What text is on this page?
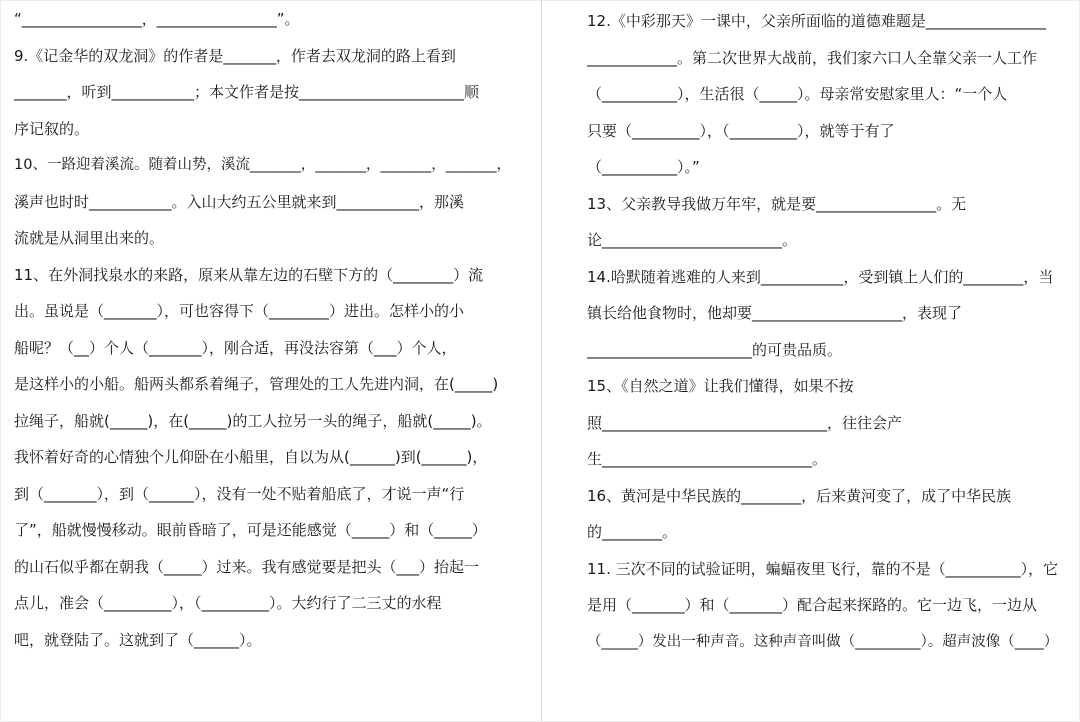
“________________，________________”。
9.《记金华的双龙洞》的作者是_______，作者去双龙洞的路上看到
_______，听到___________；本文作者是按______________________顺
序记叙的。
10、一路迎着溪流。随着山势，溪流_______，_______，_______，_______，
溪声也时时___________。入山大约五公里就来到___________，那溪
流就是从洞里出来的。
11、在外洞找泉水的来路，原来从靠左边的石壁下方的（________）流
出。虽说是（_______），可也容得下（________）进出。怎样小的小
船呢？（__）个人（_______），刚合适，再没法容第（___）个人，
是这样小的小船。船两头都系着绳子，管理处的工人先进内洞，在(_____)
拉绳子，船就(_____)，在(_____)的工人拉另一头的绳子，船就(_____)。
我怀着好奇的心情独个儿仰卧在小船里，自以为从(______)到(______)，
到（_______），到（______），没有一处不贴着船底了，才说一声“行
了”，船就慢慢移动。眼前昏暗了，可是还能感觉（_____）和（_____）
的山石似乎都在朝我（_____）过来。我有感觉要是把头（___）抬起一
点儿，准会（_________），（_________）。大约行了二三丈的水程
吧，就登陆了。这就到了（______）。
12.《中彩那天》一课中，父亲所面临的道德难题是________________
____________。第二次世界大战前，我们家六口人全靠父亲一人工作
（__________），生活很（_____）。母亲常安慰家里人：“一个人
只要（_________），（_________），就等于有了
（__________）。”
13、父亲教导我做万年牢，就是要________________。无
论________________________。
14.哈默随着逃难的人来到___________，受到镇上人们的________，当
镇长给他食物时，他却要____________________，表现了
______________________的可贵品质。
15、《自然之道》让我们懂得，如果不按
照______________________________，往往会产
生____________________________。
16、黄河是中华民族的________，后来黄河变了，成了中华民族
的________。
11. 三次不同的试验证明，蝙蝠夜里飞行，靠的不是（__________），它
是用（_______）和（_______）配合起来探路的。它一边飞，一边从
（_____）发出一种声音。这种声音叫做（_________）。超声波像（____）
